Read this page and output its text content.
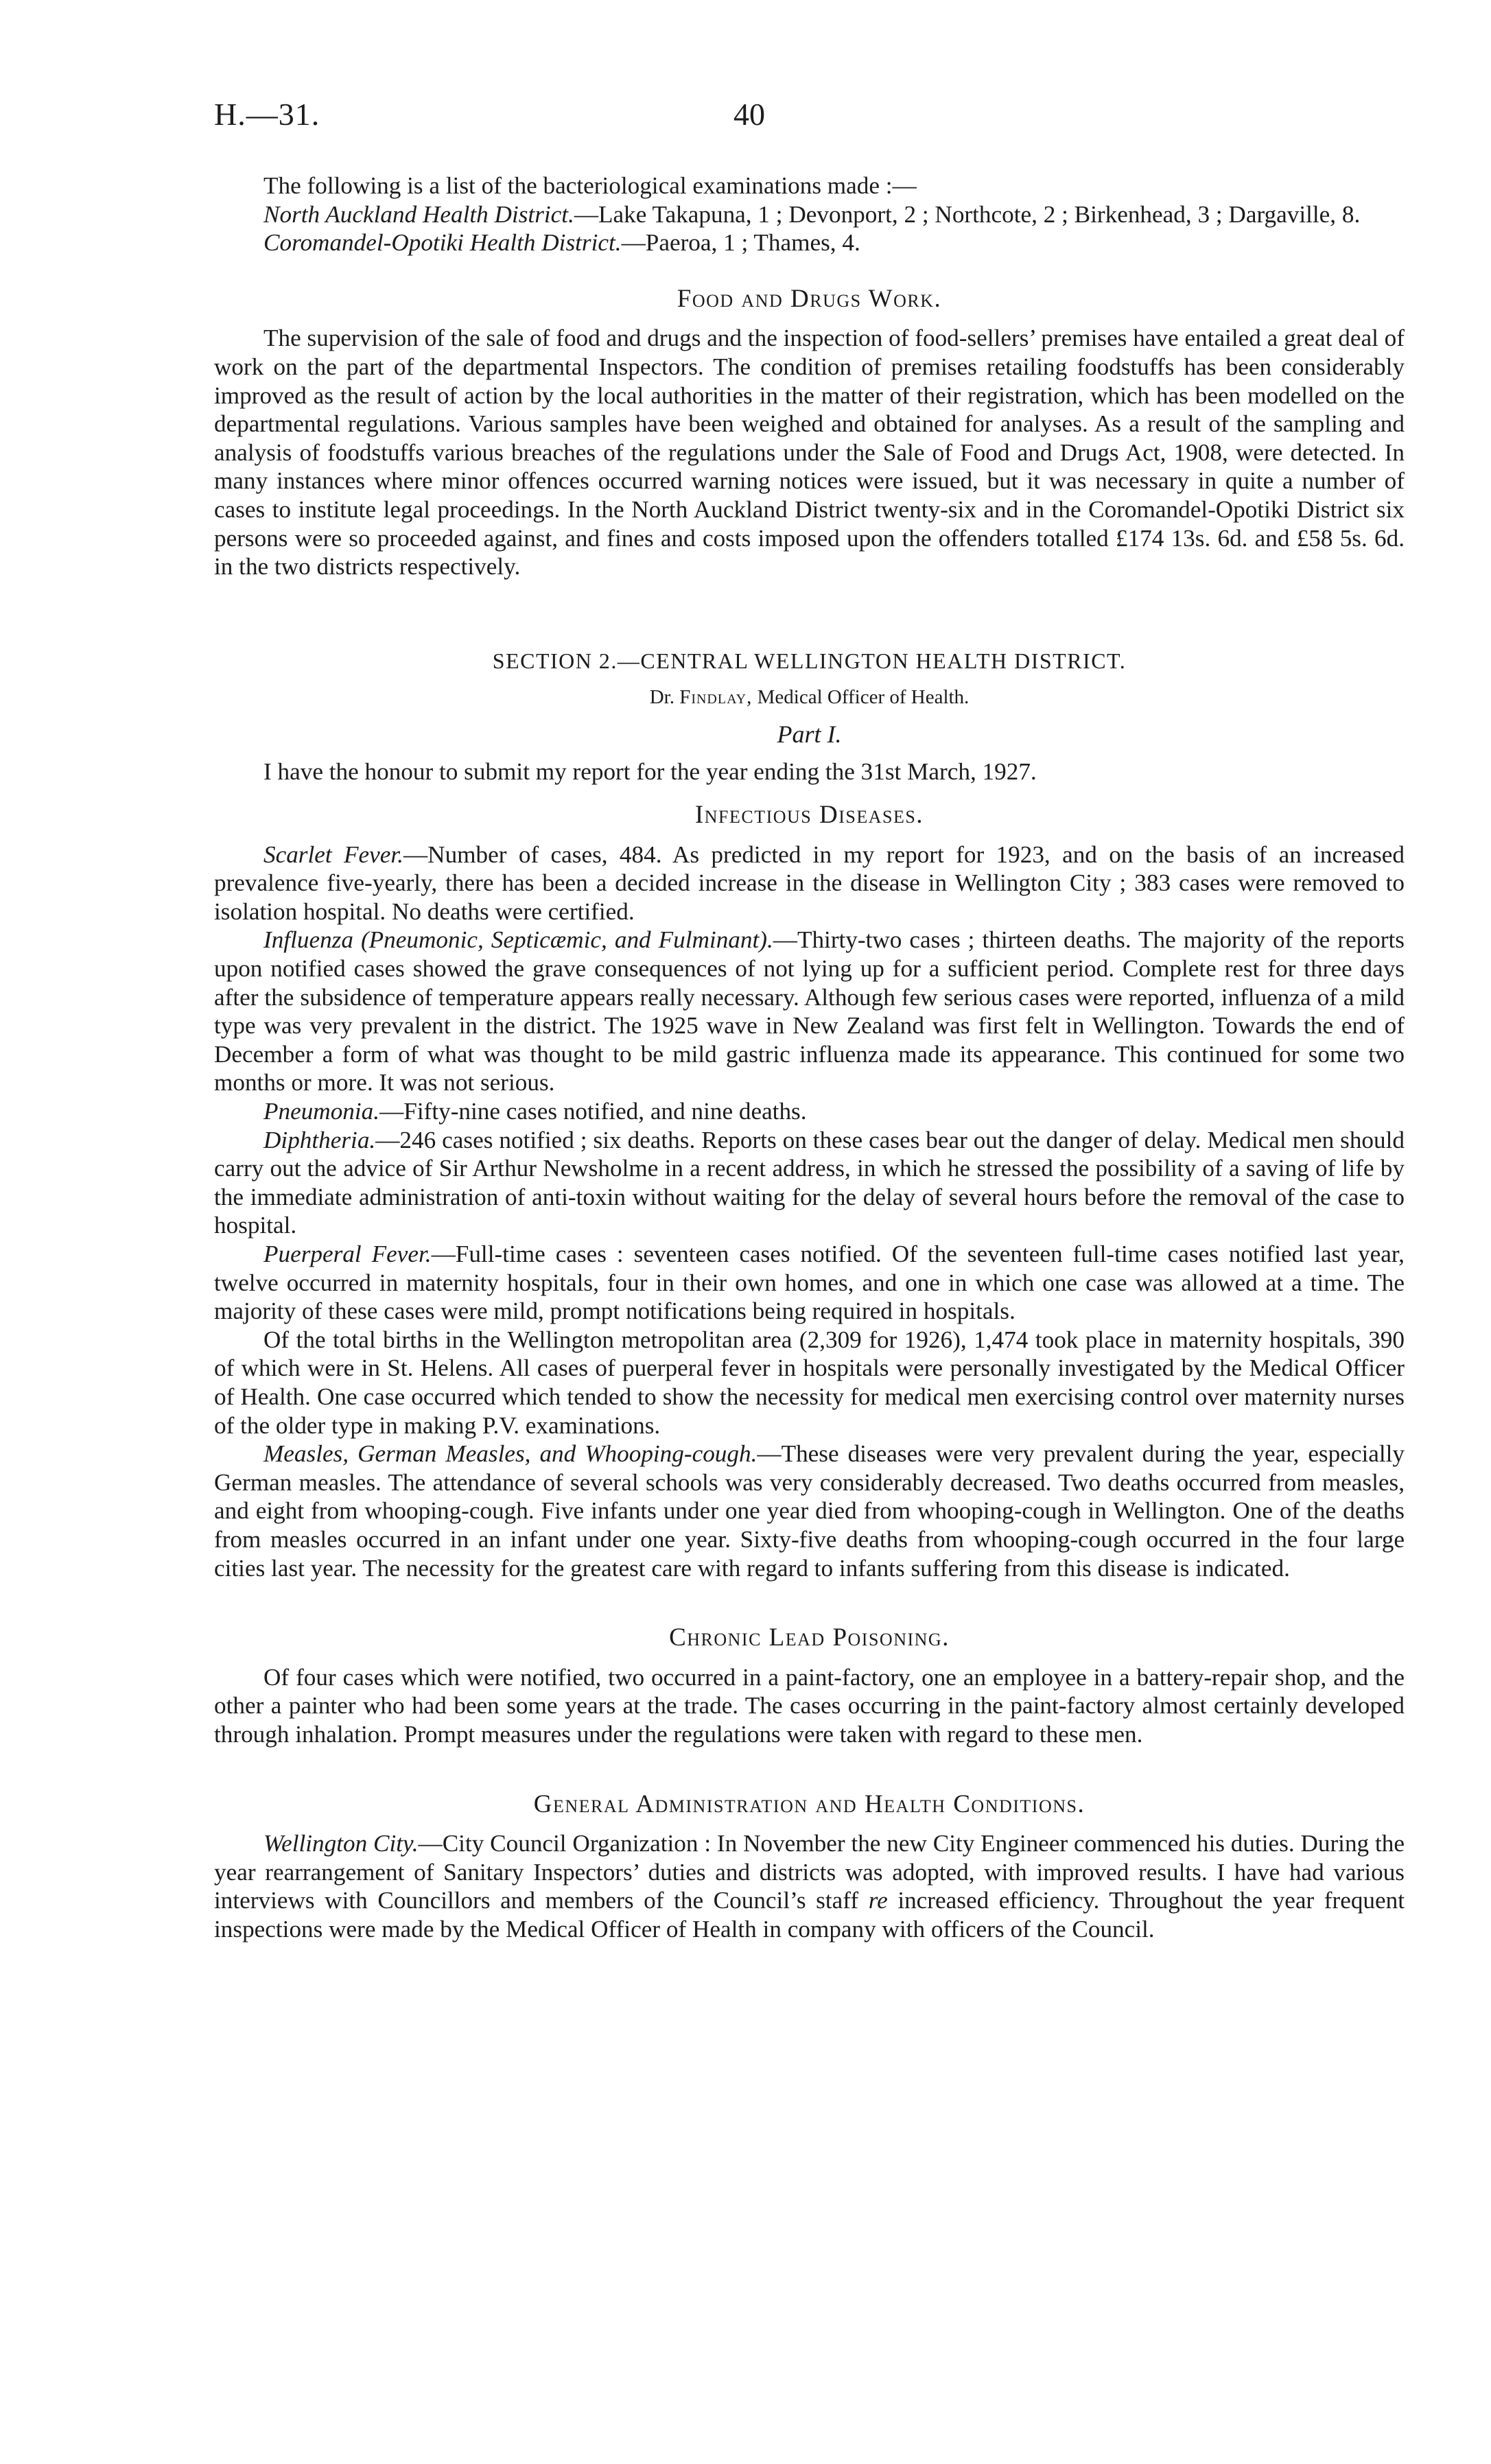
H.—31.	40

The following is a list of the bacteriological examinations made :—

North Auckland Health District.—Lake Takapuna, 1 ; Devonport, 2 ; Northcote, 2 ; Birkenhead, 3 ; Dargaville, 8.

Coromandel-Opotiki Health District.—Paeroa, 1 ; Thames, 4.

Food and Drugs Work.

The supervision of the sale of food and drugs and the inspection of food-sellers’ premises have entailed a great deal of work on the part of the departmental Inspectors. The condition of premises retailing foodstuffs has been considerably improved as the result of action by the local authorities in the matter of their registration, which has been modelled on the departmental regulations. Various samples have been weighed and obtained for analyses. As a result of the sampling and analysis of foodstuffs various breaches of the regulations under the Sale of Food and Drugs Act, 1908, were detected. In many instances where minor offences occurred warning notices were issued, but it was necessary in quite a number of cases to institute legal proceedings. In the North Auckland District twenty-six and in the Coromandel-Opotiki District six persons were so proceeded against, and fines and costs imposed upon the offenders totalled £174 13s. 6d. and £58 5s. 6d. in the two districts respectively.

SECTION 2.—CENTRAL WELLINGTON HEALTH DISTRICT.

Dr. Findlay, Medical Officer of Health.

Part I.

I have the honour to submit my report for the year ending the 31st March, 1927.

Infectious Diseases.

Scarlet Fever.—Number of cases, 484. As predicted in my report for 1923, and on the basis of an increased prevalence five-yearly, there has been a decided increase in the disease in Wellington City ; 383 cases were removed to isolation hospital. No deaths were certified.

Influenza (Pneumonic, Septicæmic, and Fulminant).—Thirty-two cases ; thirteen deaths. The majority of the reports upon notified cases showed the grave consequences of not lying up for a sufficient period. Complete rest for three days after the subsidence of temperature appears really necessary. Although few serious cases were reported, influenza of a mild type was very prevalent in the district. The 1925 wave in New Zealand was first felt in Wellington. Towards the end of December a form of what was thought to be mild gastric influenza made its appearance. This continued for some two months or more. It was not serious.

Pneumonia.—Fifty-nine cases notified, and nine deaths.

Diphtheria.—246 cases notified ; six deaths. Reports on these cases bear out the danger of delay. Medical men should carry out the advice of Sir Arthur Newsholme in a recent address, in which he stressed the possibility of a saving of life by the immediate administration of anti-toxin without waiting for the delay of several hours before the removal of the case to hospital.

Puerperal Fever.—Full-time cases : seventeen cases notified. Of the seventeen full-time cases notified last year, twelve occurred in maternity hospitals, four in their own homes, and one in which one case was allowed at a time. The majority of these cases were mild, prompt notifications being required in hospitals.

Of the total births in the Wellington metropolitan area (2,309 for 1926), 1,474 took place in maternity hospitals, 390 of which were in St. Helens. All cases of puerperal fever in hospitals were personally investigated by the Medical Officer of Health. One case occurred which tended to show the necessity for medical men exercising control over maternity nurses of the older type in making P.V. examinations.

Measles, German Measles, and Whooping-cough.—These diseases were very prevalent during the year, especially German measles. The attendance of several schools was very considerably decreased. Two deaths occurred from measles, and eight from whooping-cough. Five infants under one year died from whooping-cough in Wellington. One of the deaths from measles occurred in an infant under one year. Sixty-five deaths from whooping-cough occurred in the four large cities last year. The necessity for the greatest care with regard to infants suffering from this disease is indicated.

Chronic Lead Poisoning.

Of four cases which were notified, two occurred in a paint-factory, one an employee in a battery-repair shop, and the other a painter who had been some years at the trade. The cases occurring in the paint-factory almost certainly developed through inhalation. Prompt measures under the regulations were taken with regard to these men.

General Administration and Health Conditions.

Wellington City.—City Council Organization : In November the new City Engineer commenced his duties. During the year rearrangement of Sanitary Inspectors’ duties and districts was adopted, with improved results. I have had various interviews with Councillors and members of the Council’s staff re increased efficiency. Throughout the year frequent inspections were made by the Medical Officer of Health in company with officers of the Council.
